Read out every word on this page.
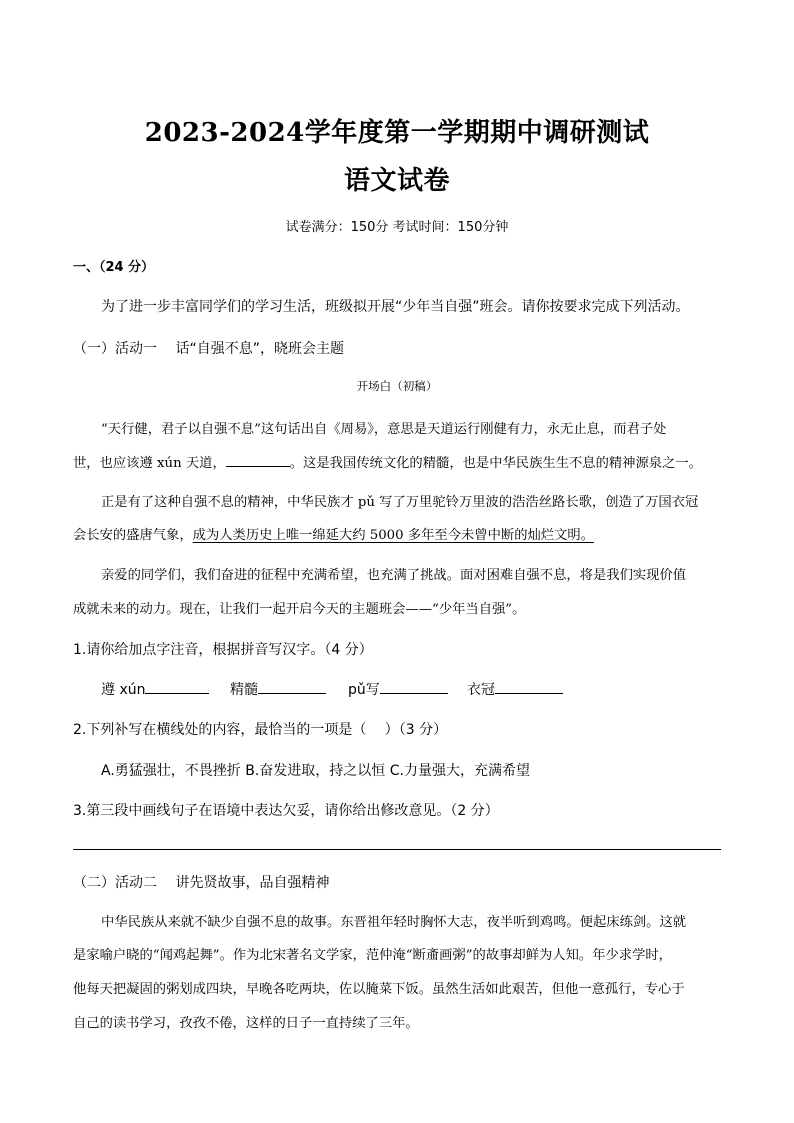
2023-2024学年度第一学期期中调研测试
语文试卷
试卷满分：150分 考试时间：150分钟
一、（24 分）
为了进一步丰富同学们的学习生活，班级拟开展“少年当自强”班会。请你按要求完成下列活动。
（一）活动一　 话“自强不息”，晓班会主题
开场白（初稿）
“天行健，君子以自强不息”这句话出自《周易》，意思是天道运行刚健有力，永无止息，而君子处
世，也应该遵 xún 天道，	。这是我国传统文化的精髓，也是中华民族生生不息的精神源泉之一。
正是有了这种自强不息的精神，中华民族才 pǔ 写了万里驼铃万里波的浩浩丝路长歌，创造了万国衣冠
会长安的盛唐气象，成为人类历史上唯一绵延大约 5000 多年至今未曾中断的灿烂文明。
亲爱的同学们，我们奋进的征程中充满希望，也充满了挑战。面对困难自强不息，将是我们实现价值
成就未来的动力。现在，让我们一起开启今天的主题班会——“少年当自强”。
1.请你给加点字注音，根据拼音写汉字。（4 分）
遵 xún	精髓	pǔ写	衣冠
2.下列补写在横线处的内容，最恰当的一项是（　 ）（3 分）
A.勇猛强壮，不畏挫折 B.奋发进取，持之以恒 C.力量强大，充满希望
3.第三段中画线句子在语境中表达欠妥，请你给出修改意见。（2 分）
（二）活动二　 讲先贤故事，品自强精神
中华民族从来就不缺少自强不息的故事。东晋祖年轻时胸怀大志，夜半听到鸡鸣。便起床练剑。这就
是家喻户晓的“闻鸡起舞”。作为北宋著名文学家，范仲淹“断齑画粥”的故事却鲜为人知。年少求学时，
他每天把凝固的粥划成四块，早晚各吃两块，佐以腌菜下饭。虽然生活如此艰苦，但他一意孤行，专心于
自己的读书学习，孜孜不倦，这样的日子一直持续了三年。
